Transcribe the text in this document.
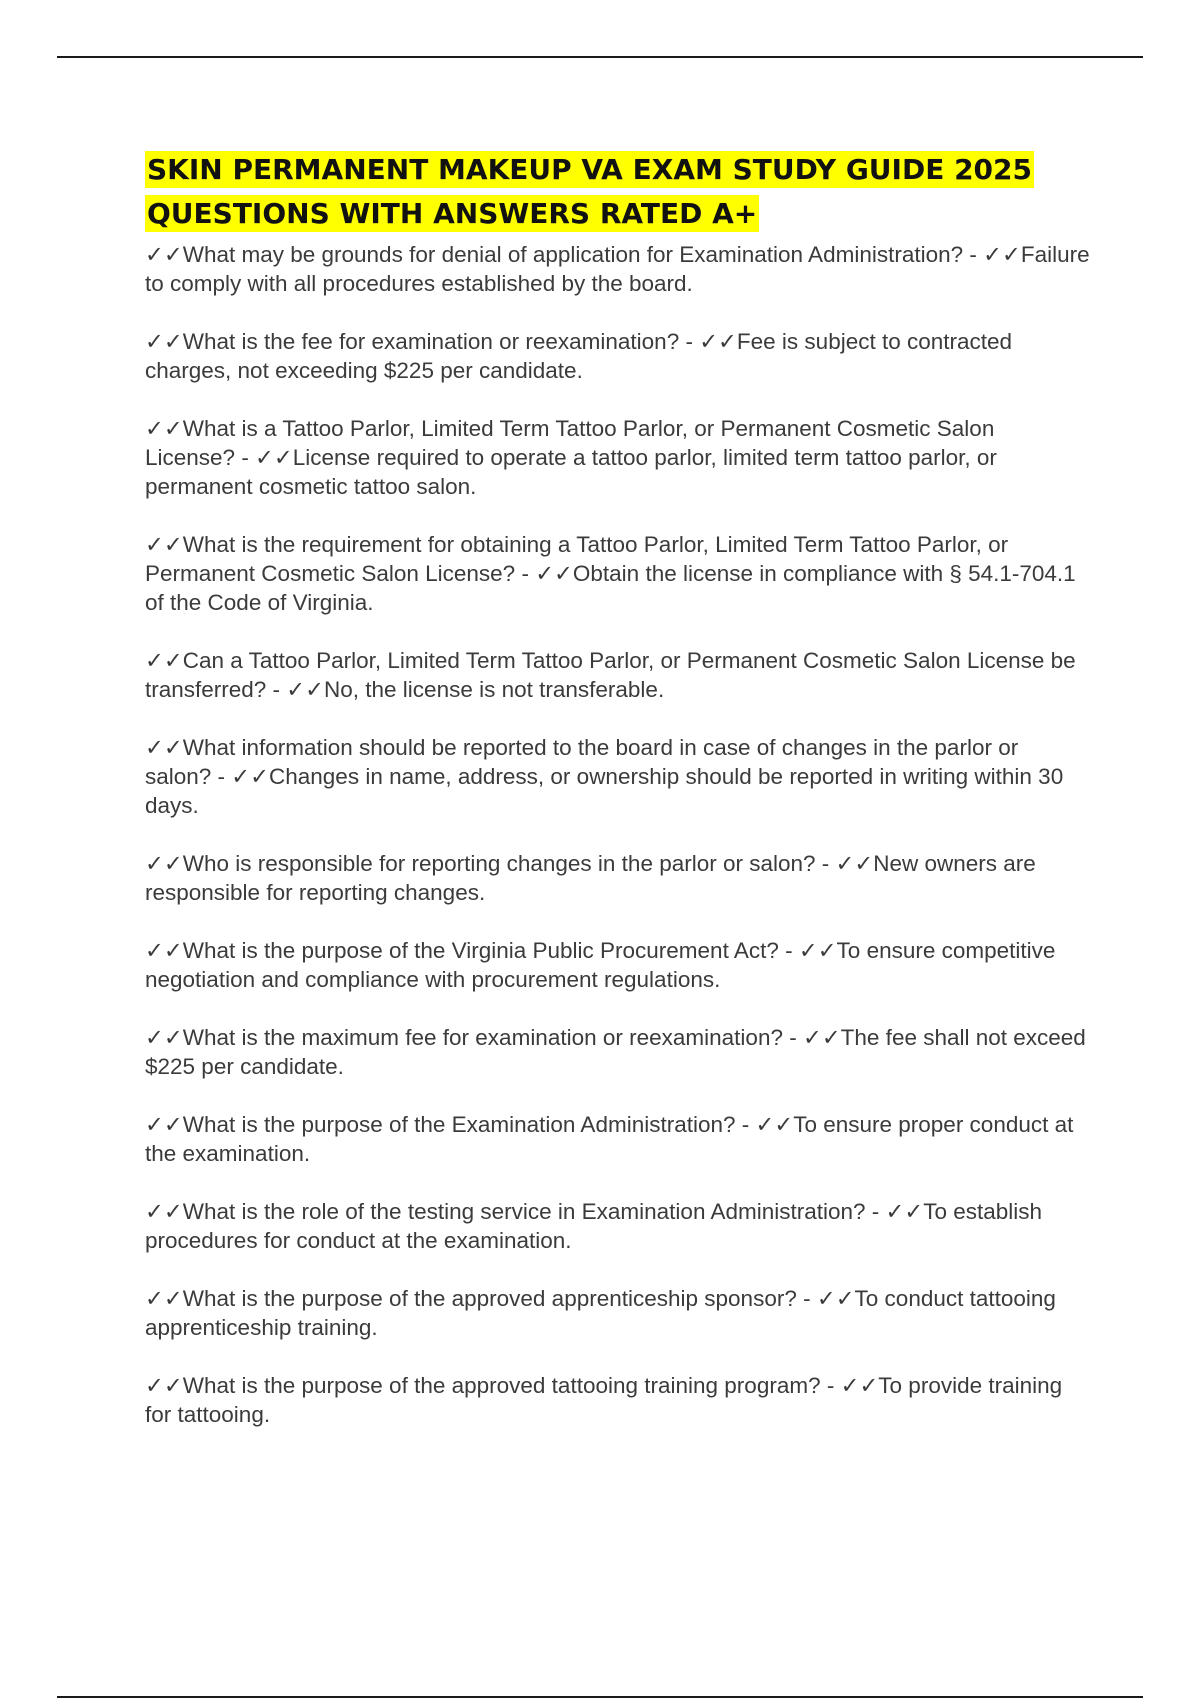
SKIN PERMANENT MAKEUP VA EXAM STUDY GUIDE 2025 QUESTIONS WITH ANSWERS RATED A+

✓✓What may be grounds for denial of application for Examination Administration? - ✓✓Failure to comply with all procedures established by the board.

✓✓What is the fee for examination or reexamination? - ✓✓Fee is subject to contracted charges, not exceeding $225 per candidate.

✓✓What is a Tattoo Parlor, Limited Term Tattoo Parlor, or Permanent Cosmetic Salon License? - ✓✓License required to operate a tattoo parlor, limited term tattoo parlor, or permanent cosmetic tattoo salon.

✓✓What is the requirement for obtaining a Tattoo Parlor, Limited Term Tattoo Parlor, or Permanent Cosmetic Salon License? - ✓✓Obtain the license in compliance with § 54.1-704.1 of the Code of Virginia.

✓✓Can a Tattoo Parlor, Limited Term Tattoo Parlor, or Permanent Cosmetic Salon License be transferred? - ✓✓No, the license is not transferable.

✓✓What information should be reported to the board in case of changes in the parlor or salon? - ✓✓Changes in name, address, or ownership should be reported in writing within 30 days.

✓✓Who is responsible for reporting changes in the parlor or salon? - ✓✓New owners are responsible for reporting changes.

✓✓What is the purpose of the Virginia Public Procurement Act? - ✓✓To ensure competitive negotiation and compliance with procurement regulations.

✓✓What is the maximum fee for examination or reexamination? - ✓✓The fee shall not exceed $225 per candidate.

✓✓What is the purpose of the Examination Administration? - ✓✓To ensure proper conduct at the examination.

✓✓What is the role of the testing service in Examination Administration? - ✓✓To establish procedures for conduct at the examination.

✓✓What is the purpose of the approved apprenticeship sponsor? - ✓✓To conduct tattooing apprenticeship training.

✓✓What is the purpose of the approved tattooing training program? - ✓✓To provide training for tattooing.
